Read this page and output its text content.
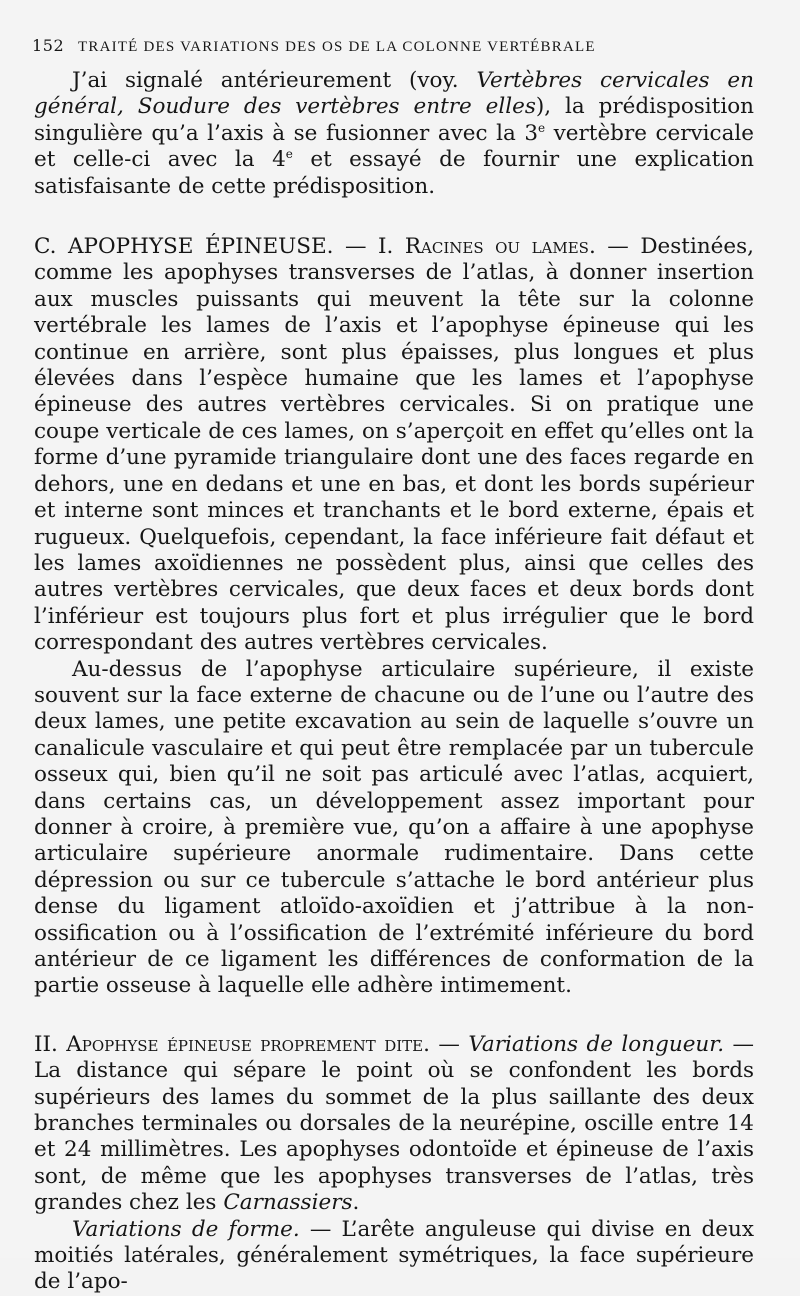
152 TRAITÉ DES VARIATIONS DES OS DE LA COLONNE VERTÉBRALE

J’ai signalé antérieurement (voy. Vertèbres cervicales en général, Soudure des vertèbres entre elles), la prédisposition singulière qu’a l’axis à se fusionner avec la 3e vertèbre cervicale et celle-ci avec la 4e et essayé de fournir une explication satisfaisante de cette prédisposition.

C. APOPHYSE ÉPINEUSE. — I. Racines ou lames. — Destinées, comme les apophyses transverses de l’atlas, à donner insertion aux muscles puissants qui meuvent la tête sur la colonne vertébrale les lames de l’axis et l’apophyse épineuse qui les continue en arrière, sont plus épaisses, plus longues et plus élevées dans l’espèce humaine que les lames et l’apophyse épineuse des autres vertèbres cervicales. Si on pratique une coupe verticale de ces lames, on s’aperçoit en effet qu’elles ont la forme d’une pyramide triangulaire dont une des faces regarde en dehors, une en dedans et une en bas, et dont les bords supérieur et interne sont minces et tranchants et le bord externe, épais et rugueux. Quelquefois, cependant, la face inférieure fait défaut et les lames axoïdiennes ne possèdent plus, ainsi que celles des autres vertèbres cervicales, que deux faces et deux bords dont l’inférieur est toujours plus fort et plus irrégulier que le bord correspondant des autres vertèbres cervicales.

Au-dessus de l’apophyse articulaire supérieure, il existe souvent sur la face externe de chacune ou de l’une ou l’autre des deux lames, une petite excavation au sein de laquelle s’ouvre un canalicule vasculaire et qui peut être remplacée par un tubercule osseux qui, bien qu’il ne soit pas articulé avec l’atlas, acquiert, dans certains cas, un développement assez important pour donner à croire, à première vue, qu’on a affaire à une apophyse articulaire supérieure anormale rudimentaire. Dans cette dépression ou sur ce tubercule s’attache le bord antérieur plus dense du ligament atloïdo-axoïdien et j’attribue à la non-ossification ou à l’ossification de l’extrémité inférieure du bord antérieur de ce ligament les différences de conformation de la partie osseuse à laquelle elle adhère intimement.

II. Apophyse épineuse proprement dite. — Variations de longueur. — La distance qui sépare le point où se confondent les bords supérieurs des lames du sommet de la plus saillante des deux branches terminales ou dorsales de la neurépine, oscille entre 14 et 24 millimètres. Les apophyses odontoïde et épineuse de l’axis sont, de même que les apophyses transverses de l’atlas, très grandes chez les Carnassiers.

Variations de forme. — L’arête anguleuse qui divise en deux moitiés latérales, généralement symétriques, la face supérieure de l’apo-
